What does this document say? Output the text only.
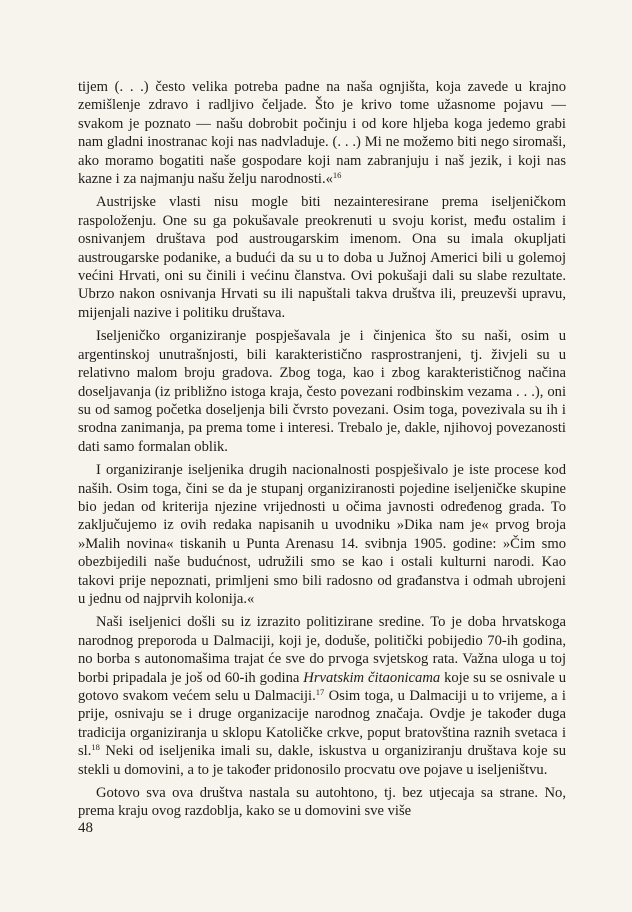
tijem (. . .) često velika potreba padne na naša ognjišta, koja zavede u krajno zemišlenje zdravo i radljivo čeljade. Što je krivo tome užasnome pojavu — svakom je poznato — našu dobrobit počinju i od kore hljeba koga jedemo grabi nam gladni inostranac koji nas nadvladuje. (. . .) Mi ne možemo biti nego siromaši, ako moramo bogatiti naše gospodare koji nam zabranjuju i naš jezik, i koji nas kazne i za najmanju našu želju narodnosti.«$^{16}$

Austrijske vlasti nisu mogle biti nezainteresirane prema iseljeničkom raspoloženju. One su ga pokušavale preokrenuti u svoju korist, među ostalim i osnivanjem društava pod austrougarskim imenom. Ona su imala okupljati austrougarske podanike, a budući da su u to doba u Južnoj Americi bili u golemoj većini Hrvati, oni su činili i većinu članstva. Ovi pokušaji dali su slabe rezultate. Ubrzo nakon osnivanja Hrvati su ili napuštali takva društva ili, preuzevši upravu, mijenjali nazive i politiku društava.

Iseljeničko organiziranje pospješavala je i činjenica što su naši, osim u argentinskoj unutrašnjosti, bili karakteristično rasprostranjeni, tj. živjeli su u relativno malom broju gradova. Zbog toga, kao i zbog karakterističnog načina doseljavanja (iz približno istoga kraja, često povezani rodbinskim vezama . . .), oni su od samog početka doseljenja bili čvrsto povezani. Osim toga, povezivala su ih i srodna zanimanja, pa prema tome i interesi. Trebalo je, dakle, njihovoj povezanosti dati samo formalan oblik.

I organiziranje iseljenika drugih nacionalnosti pospješivalo je iste procese kod naših. Osim toga, čini se da je stupanj organiziranosti pojedine iseljeničke skupine bio jedan od kriterija njezine vrijednosti u očima javnosti određenog grada. To zaključujemo iz ovih redaka napisanih u uvodniku »Dika nam je« prvog broja »Malih novina« tiskanih u Punta Arenasu 14. svibnja 1905. godine: »Čim smo obezbijedili naše budućnost, udružili smo se kao i ostali kulturni narodi. Kao takovi prije nepoznati, primljeni smo bili radosno od građanstva i odmah ubrojeni u jednu od najprvih kolonija.«

Naši iseljenici došli su iz izrazito politizirane sredine. To je doba hrvatskoga narodnog preporoda u Dalmaciji, koji je, doduše, politički pobijedio 70-ih godina, no borba s autonomašima trajat će sve do prvoga svjetskog rata. Važna uloga u toj borbi pripadala je još od 60-ih godina Hrvatskim čitaonicama koje su se osnivale u gotovo svakom većem selu u Dalmaciji.$^{17}$ Osim toga, u Dalmaciji u to vrijeme, a i prije, osnivaju se i druge organizacije narodnog značaja. Ovdje je također duga tradicija organiziranja u sklopu Katoličke crkve, poput bratovština raznih svetaca i sl.$^{18}$ Neki od iseljenika imali su, dakle, iskustva u organiziranju društava koje su stekli u domovini, a to je također pridonosilo procvatu ove pojave u iseljeništvu.

Gotovo sva ova društva nastala su autohtono, tj. bez utjecaja sa strane. No, prema kraju ovog razdoblja, kako se u domovini sve više

48
